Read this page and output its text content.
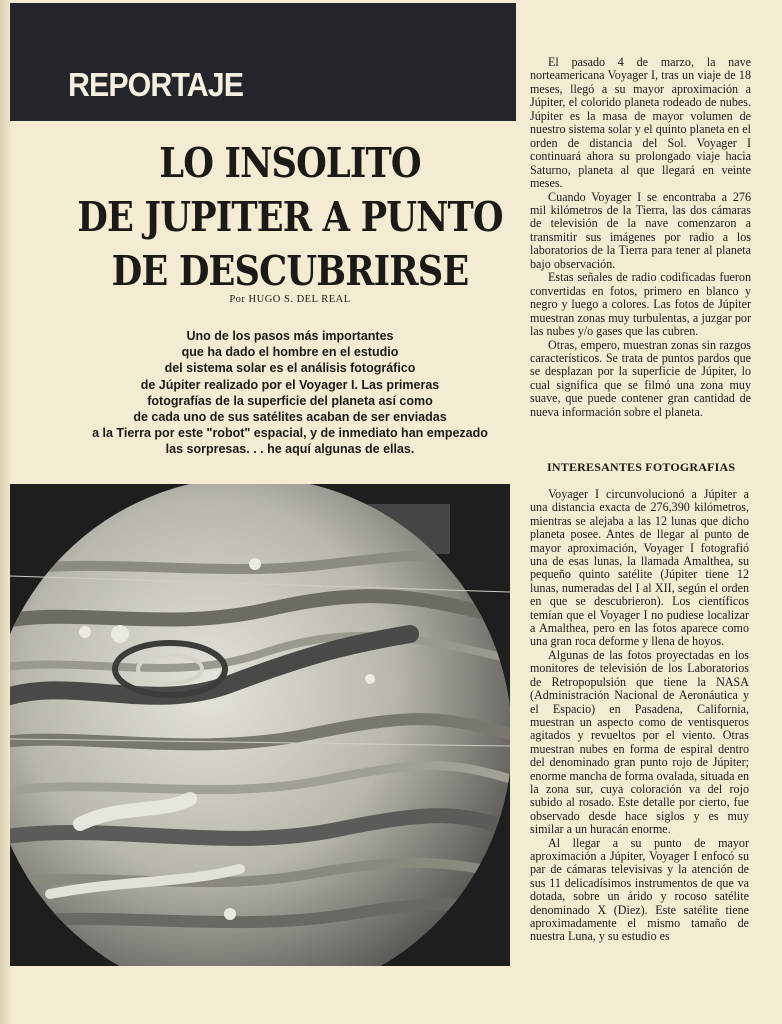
REPORTAJE
LO INSOLITO
DE JUPITER A PUNTO
DE DESCUBRIRSE
Por HUGO S. DEL REAL
Uno de los pasos más importantes
que ha dado el hombre en el estudio
del sistema solar es el análisis fotográfico
de Júpiter realizado por el Voyager I. Las primeras
fotografías de la superficie del planeta así como
de cada uno de sus satélites acaban de ser enviadas
a la Tierra por este "robot" espacial, y de inmediato han empezado
las sorpresas. . . he aquí algunas de ellas.

El pasado 4 de marzo, la nave norteamericana Voyager I, tras un viaje de 18 meses, llegó a su mayor aproximación a Júpiter, el colorido planeta rodeado de nubes. Júpiter es la masa de mayor volumen de nuestro sistema solar y el quinto planeta en el orden de distancia del Sol. Voyager I continuará ahora su prolongado viaje hacia Saturno, planeta al que llegará en veinte meses.

Cuando Voyager I se encontraba a 276 mil kilómetros de la Tierra, las dos cámaras de televisión de la nave comenzaron a transmitir sus imágenes por radio a los laboratorios de la Tierra para tener al planeta bajo observación.

Estas señales de radio codificadas fueron convertidas en fotos, primero en blanco y negro y luego a colores. Las fotos de Júpiter muestran zonas muy turbulentas, a juzgar por las nubes y/o gases que las cubren.

Otras, empero, muestran zonas sin razgos característicos. Se trata de puntos pardos que se desplazan por la superficie de Júpiter, lo cual significa que se filmó una zona muy suave, que puede contener gran cantidad de nueva información sobre el planeta.

INTERESANTES FOTOGRAFIAS

Voyager I circunvolucionó a Júpiter a una distancia exacta de 276,390 kilómetros, mientras se alejaba a las 12 lunas que dicho planeta posee. Antes de llegar al punto de mayor aproximación, Voyager I fotografió una de esas lunas, la llamada Amalthea, su pequeño quinto satélite (Júpiter tiene 12 lunas, numeradas del I al XII, según el orden en que se descubrieron). Los científicos temían que el Voyager I no pudiese localizar a Amalthea, pero en las fotos aparece como una gran roca deforme y llena de hoyos.

Algunas de las fotos proyectadas en los monitores de televisión de los Laboratorios de Retropopulsión que tiene la NASA (Administración Nacional de Aeronáutica y el Espacio) en Pasadena, California, muestran un aspecto como de ventisqueros agitados y revueltos por el viento. Otras muestran nubes en forma de espiral dentro del denominado gran punto rojo de Júpiter; enorme mancha de forma ovalada, situada en la zona sur, cuya coloración va del rojo subido al rosado. Este detalle por cierto, fue observado desde hace siglos y es muy similar a un huracán enorme.

Al llegar a su punto de mayor aproximación a Júpiter, Voyager I enfocó su par de cámaras televisivas y la atención de sus 11 delicadísimos instrumentos de que va dotada, sobre un árido y rocoso satélite denominado X (Diez). Este satélite tiene aproximadamente el mismo tamaño de nuestra Luna, y su estudio es
